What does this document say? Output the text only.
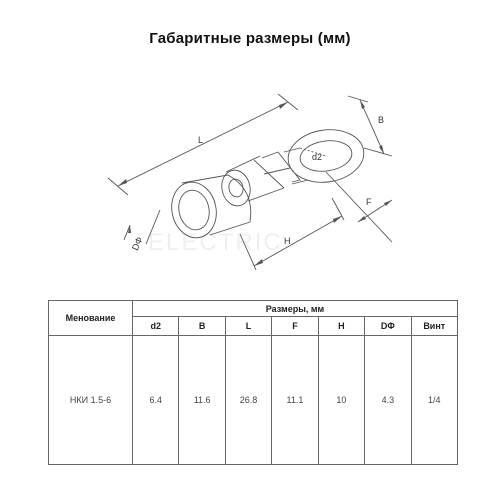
Габаритные размеры (мм)
ELECTRIC
L
B
F
H
DΦ
d2
Менование	Размеры, мм						
	d2	B	L	F	H	DΦ	Винт
НКИ 1.5-6	6.4	11.6	26.8	11.1	10	4.3	1/4
